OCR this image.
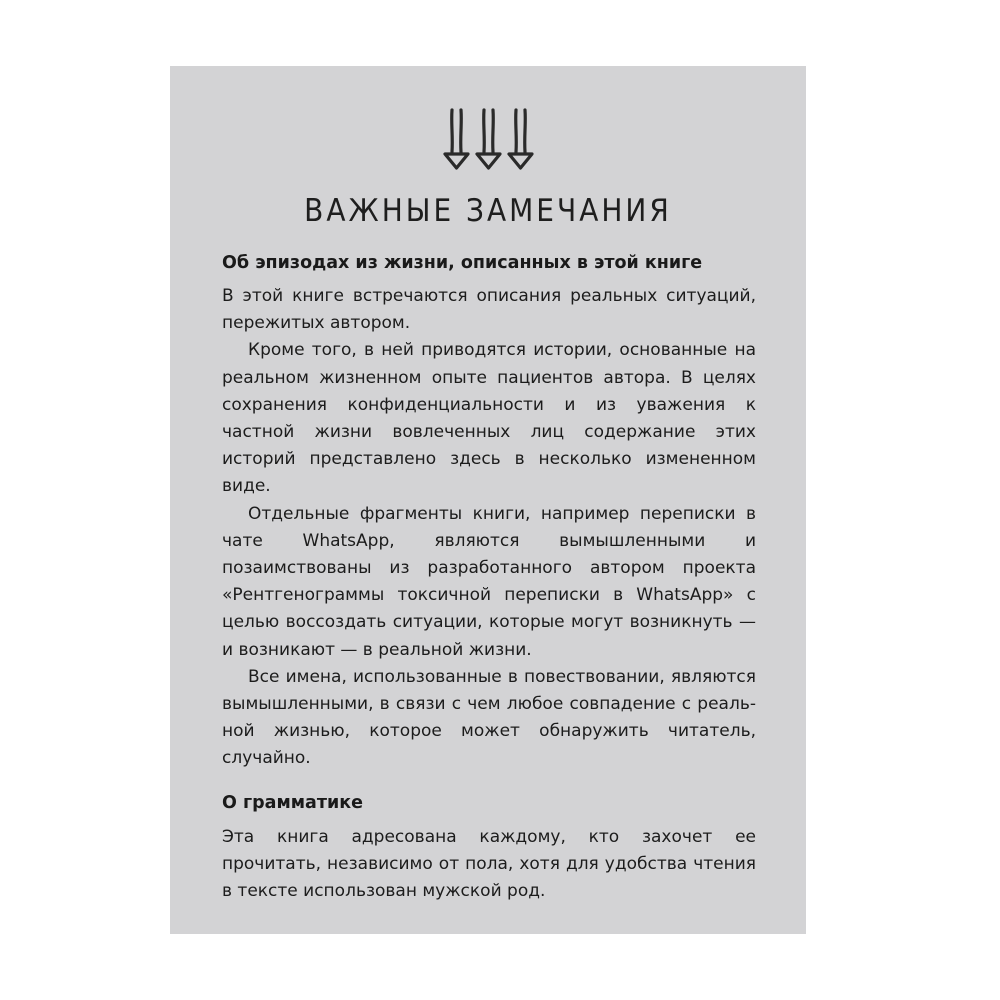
ВАЖНЫЕ ЗАМЕЧАНИЯ
Об эпизодах из жизни, описанных в этой книге

В этой книге встречаются описания реальных ситуаций, пережитых автором.

Кроме того, в ней приводятся истории, основанные на реальном жизненном опыте пациентов автора. В целях сохранения конфиденциальности и из уважения к частной жизни вовлеченных лиц содержание этих историй представлено здесь в несколько измененном виде.

Отдельные фрагменты книги, например переписки в чате WhatsApp, являются вымышленными и позаимствованы из разработанного автором проекта «Рентгенограммы токсичной переписки в WhatsApp» с целью воссоздать ситуации, которые могут возникнуть — и возникают — в реальной жизни.

Все имена, использованные в повествовании, являются вымышленными, в связи с чем любое совпадение с реальной жизнью, которое может обнаружить читатель, случайно.

О грамматике

Эта книга адресована каждому, кто захочет ее прочитать, независимо от пола, хотя для удобства чтения в тексте использован мужской род.
